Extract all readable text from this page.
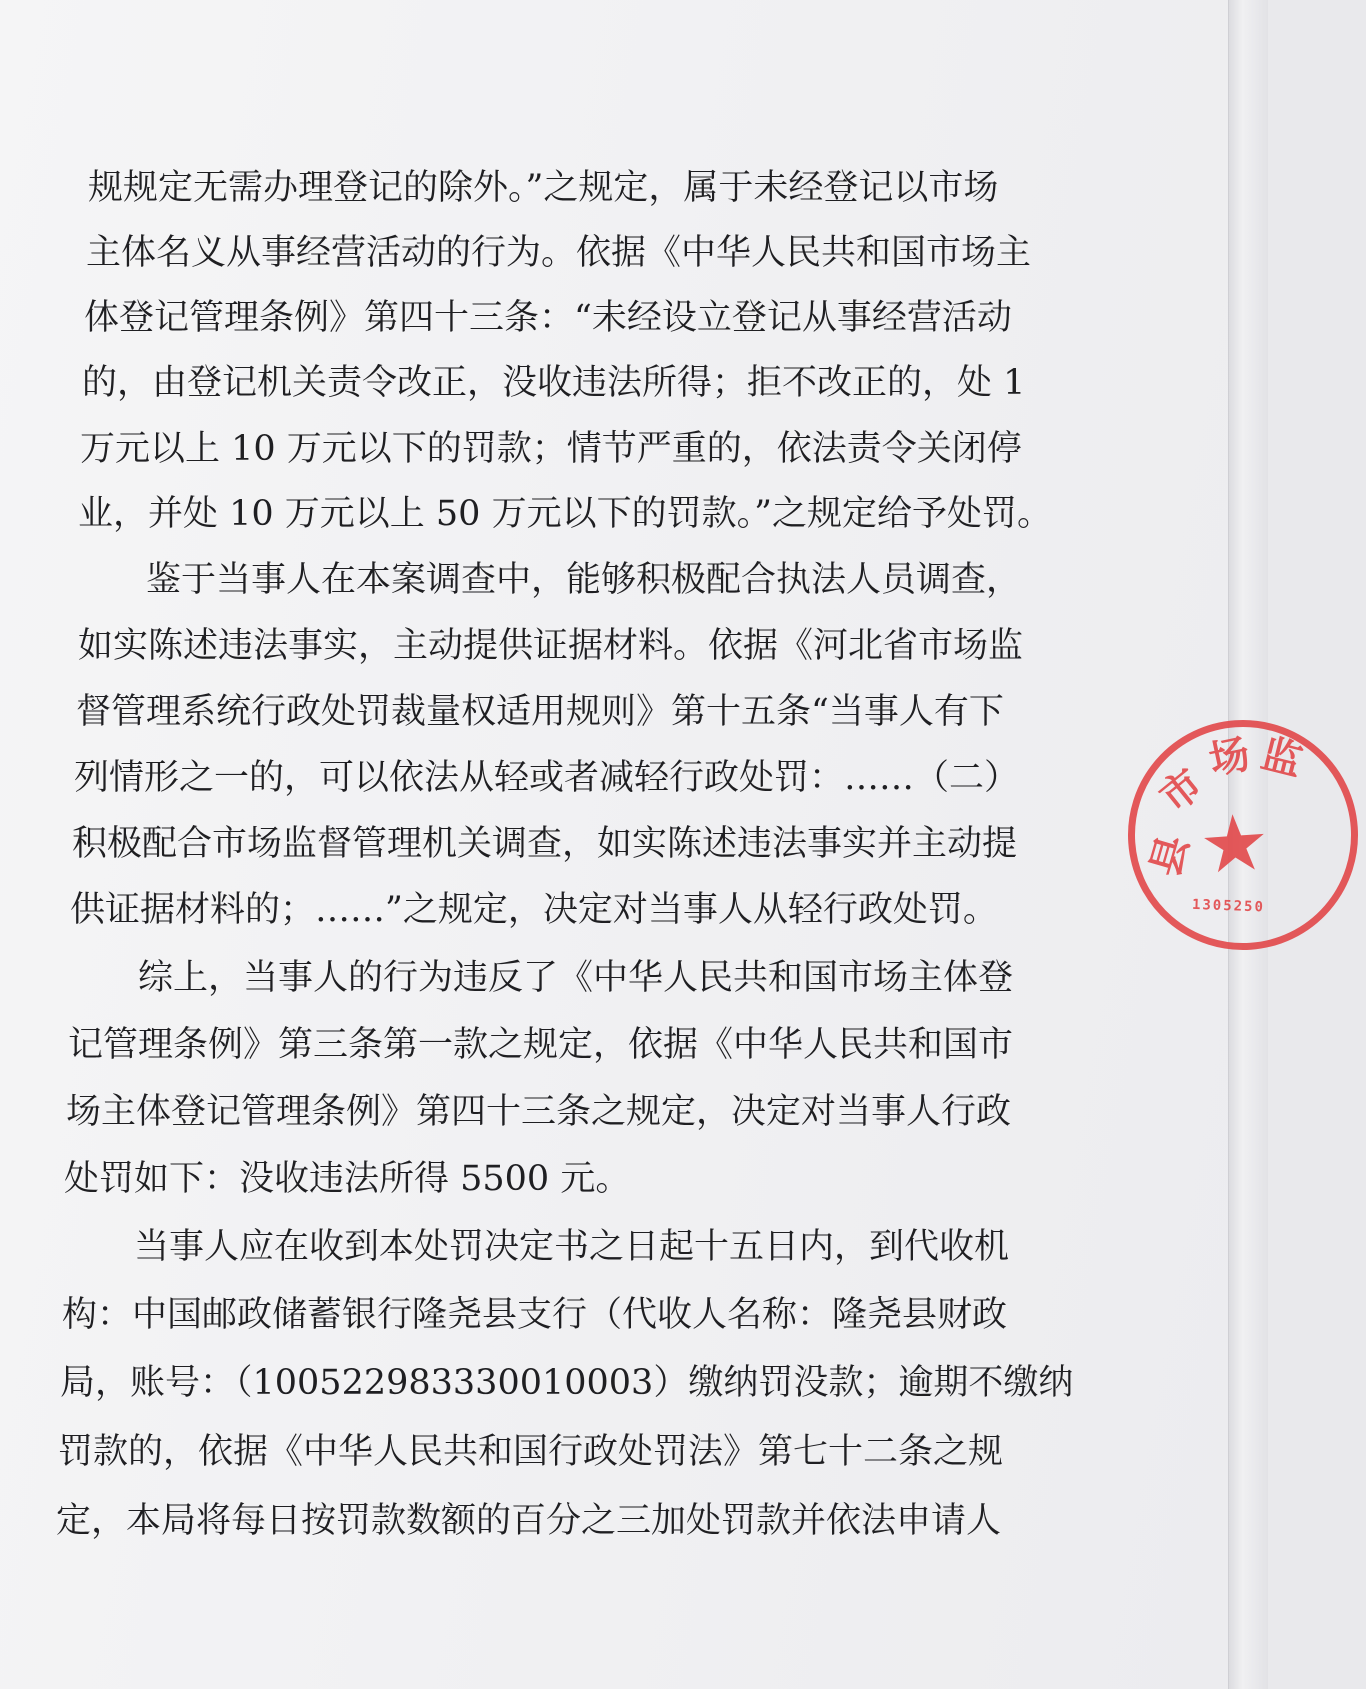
规规定无需办理登记的除外。”之规定，属于未经登记以市场
主体名义从事经营活动的行为。依据《中华人民共和国市场主
体登记管理条例》第四十三条：“未经设立登记从事经营活动
的，由登记机关责令改正，没收违法所得；拒不改正的，处 1
万元以上 10 万元以下的罚款；情节严重的，依法责令关闭停
业，并处 10 万元以上 50 万元以下的罚款。”之规定给予处罚。
鉴于当事人在本案调查中，能够积极配合执法人员调查，
如实陈述违法事实，主动提供证据材料。依据《河北省市场监
督管理系统行政处罚裁量权适用规则》第十五条“当事人有下
列情形之一的，可以依法从轻或者减轻行政处罚：……（二）
积极配合市场监督管理机关调查，如实陈述违法事实并主动提
供证据材料的；……”之规定，决定对当事人从轻行政处罚。
综上，当事人的行为违反了《中华人民共和国市场主体登
记管理条例》第三条第一款之规定，依据《中华人民共和国市
场主体登记管理条例》第四十三条之规定，决定对当事人行政
处罚如下：没收违法所得 5500 元。
当事人应在收到本处罚决定书之日起十五日内，到代收机
构：中国邮政储蓄银行隆尧县支行（代收人名称：隆尧县财政
局，账号：（100522983330010003）缴纳罚没款；逾期不缴纳
罚款的，依据《中华人民共和国行政处罚法》第七十二条之规
定，本局将每日按罚款数额的百分之三加处罚款并依法申请人
县
市
场 监
★
1305250
